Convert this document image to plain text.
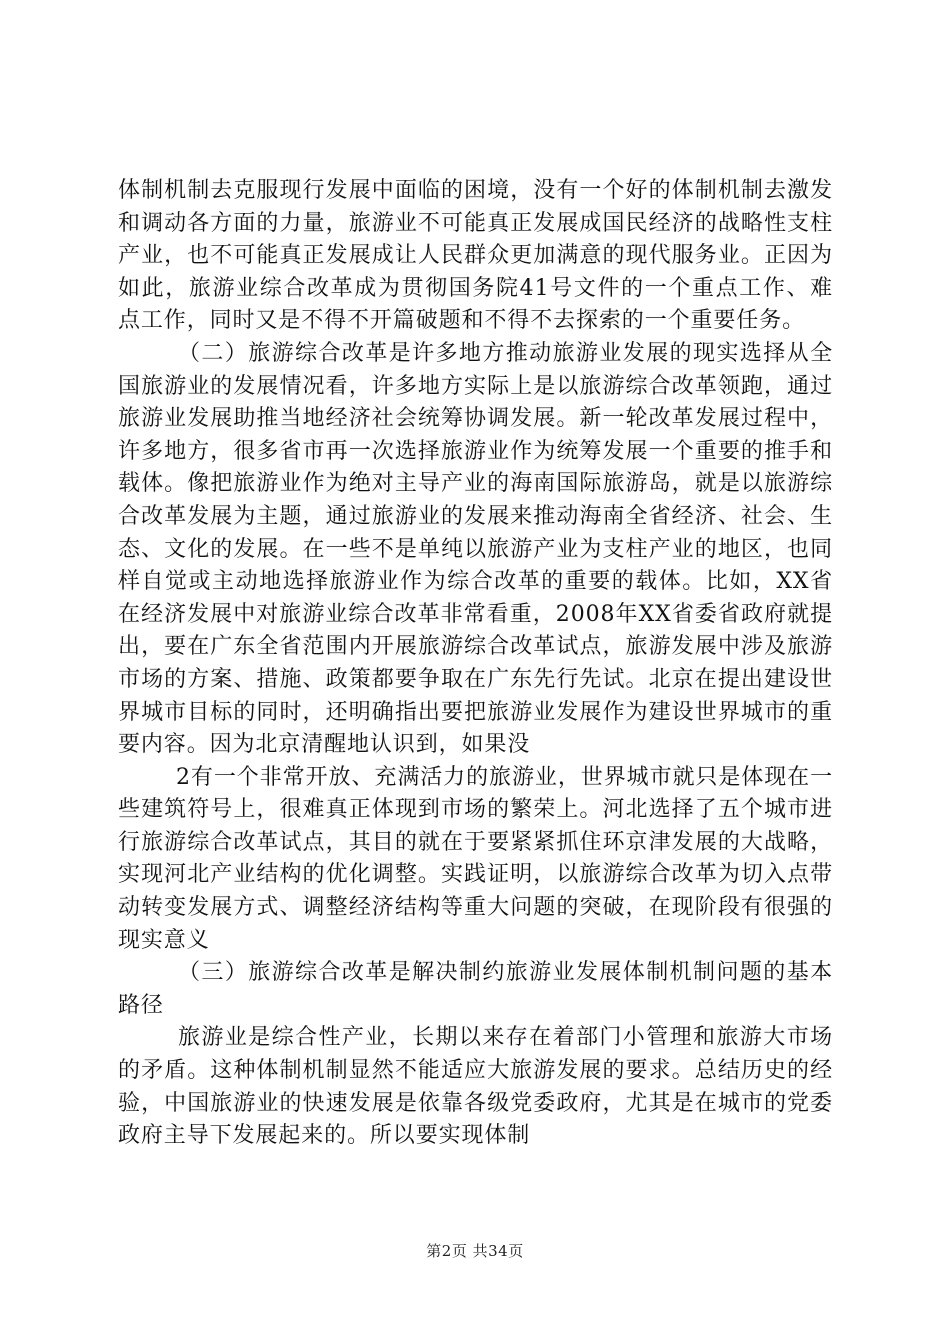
体制机制去克服现行发展中面临的困境，没有一个好的体制机制去激发和调动各方面的力量，旅游业不可能真正发展成国民经济的战略性支柱产业，也不可能真正发展成让人民群众更加满意的现代服务业。正因为如此，旅游业综合改革成为贯彻国务院41号文件的一个重点工作、难点工作，同时又是不得不开篇破题和不得不去探索的一个重要任务。

（二）旅游综合改革是许多地方推动旅游业发展的现实选择从全国旅游业的发展情况看，许多地方实际上是以旅游综合改革领跑，通过旅游业发展助推当地经济社会统筹协调发展。新一轮改革发展过程中，许多地方，很多省市再一次选择旅游业作为统筹发展一个重要的推手和载体。像把旅游业作为绝对主导产业的海南国际旅游岛，就是以旅游综合改革发展为主题，通过旅游业的发展来推动海南全省经济、社会、生态、文化的发展。在一些不是单纯以旅游产业为支柱产业的地区，也同样自觉或主动地选择旅游业作为综合改革的重要的载体。比如，XX省在经济发展中对旅游业综合改革非常看重，2008年XX省委省政府就提出，要在广东全省范围内开展旅游综合改革试点，旅游发展中涉及旅游市场的方案、措施、政策都要争取在广东先行先试。北京在提出建设世界城市目标的同时，还明确指出要把旅游业发展作为建设世界城市的重要内容。因为北京清醒地认识到，如果没

2有一个非常开放、充满活力的旅游业，世界城市就只是体现在一些建筑符号上，很难真正体现到市场的繁荣上。河北选择了五个城市进行旅游综合改革试点，其目的就在于要紧紧抓住环京津发展的大战略，实现河北产业结构的优化调整。实践证明，以旅游综合改革为切入点带动转变发展方式、调整经济结构等重大问题的突破，在现阶段有很强的现实意义

（三）旅游综合改革是解决制约旅游业发展体制机制问题的基本路径

旅游业是综合性产业，长期以来存在着部门小管理和旅游大市场的矛盾。这种体制机制显然不能适应大旅游发展的要求。总结历史的经验，中国旅游业的快速发展是依靠各级党委政府，尤其是在城市的党委政府主导下发展起来的。所以要实现体制

第2页 共34页
